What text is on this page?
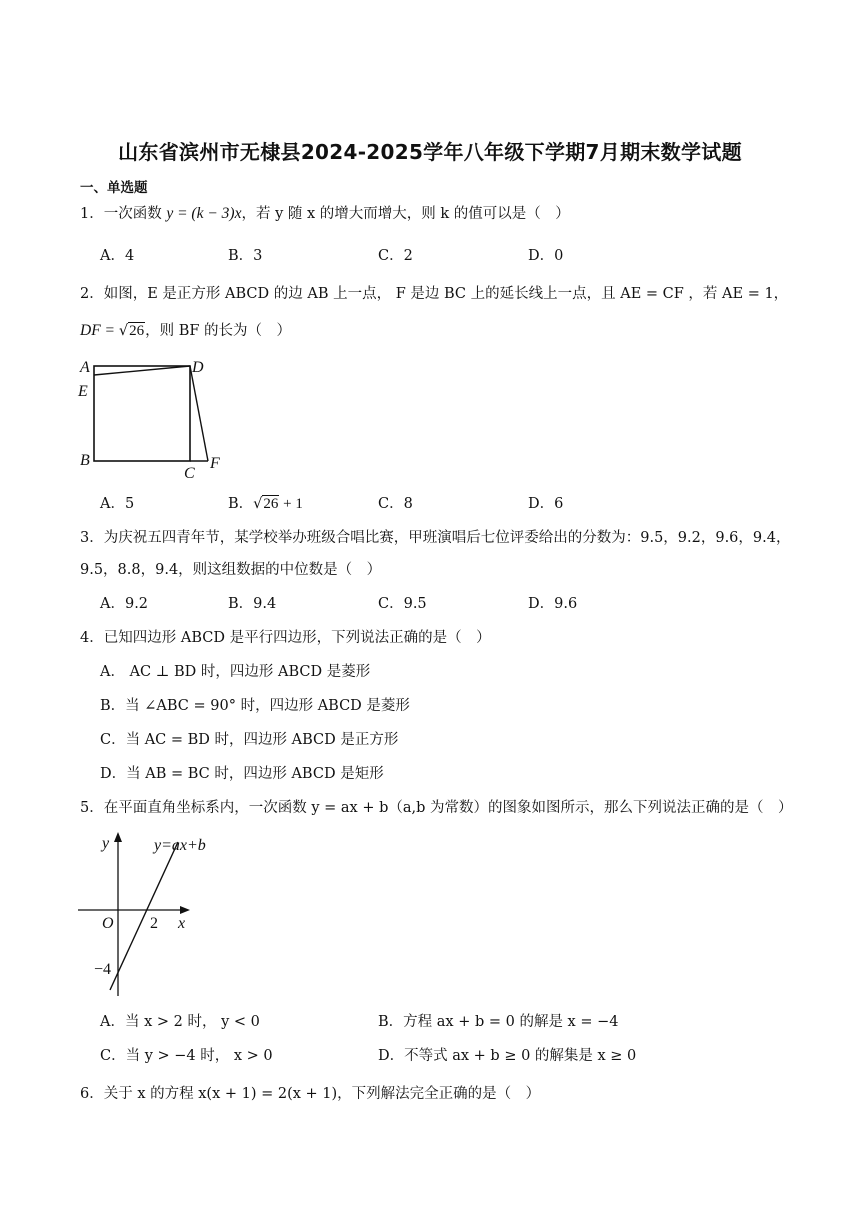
山东省滨州市无棣县2024-2025学年八年级下学期7月期末数学试题
一、单选题
1．一次函数 y = (k − 3)x，若 y 随 x 的增大而增大，则 k 的值可以是（　）
A．4	B．3	C．2	D．0
2．如图，E 是正方形 ABCD 的边 AB 上一点， F 是边 BC 上的延长线上一点，且 AE = CF ，若 AE = 1，
DF = √26，则 BF 的长为（　）
A	D
E
B
C
F
A．5	B．√26 + 1	C．8	D．6
3．为庆祝五四青年节，某学校举办班级合唱比赛，甲班演唱后七位评委给出的分数为：9.5，9.2，9.6，9.4，
9.5，8.8，9.4，则这组数据的中位数是（　）
A．9.2	B．9.4	C．9.5	D．9.6
4．已知四边形 ABCD 是平行四边形，下列说法正确的是（　）
A． AC ⊥ BD 时，四边形 ABCD 是菱形
B．当 ∠ABC = 90° 时，四边形 ABCD 是菱形
C．当 AC = BD 时，四边形 ABCD 是正方形
D．当 AB = BC 时，四边形 ABCD 是矩形
5．在平面直角坐标系内，一次函数 y = ax + b（a,b 为常数）的图象如图所示，那么下列说法正确的是（　）
y	y=ax+b
O 2 x
−4
A．当 x > 2 时， y < 0	B．方程 ax + b = 0 的解是 x = −4
C．当 y > −4 时， x > 0	D．不等式 ax + b ≥ 0 的解集是 x ≥ 0
6．关于 x 的方程 x(x + 1) = 2(x + 1)，下列解法完全正确的是（　）
